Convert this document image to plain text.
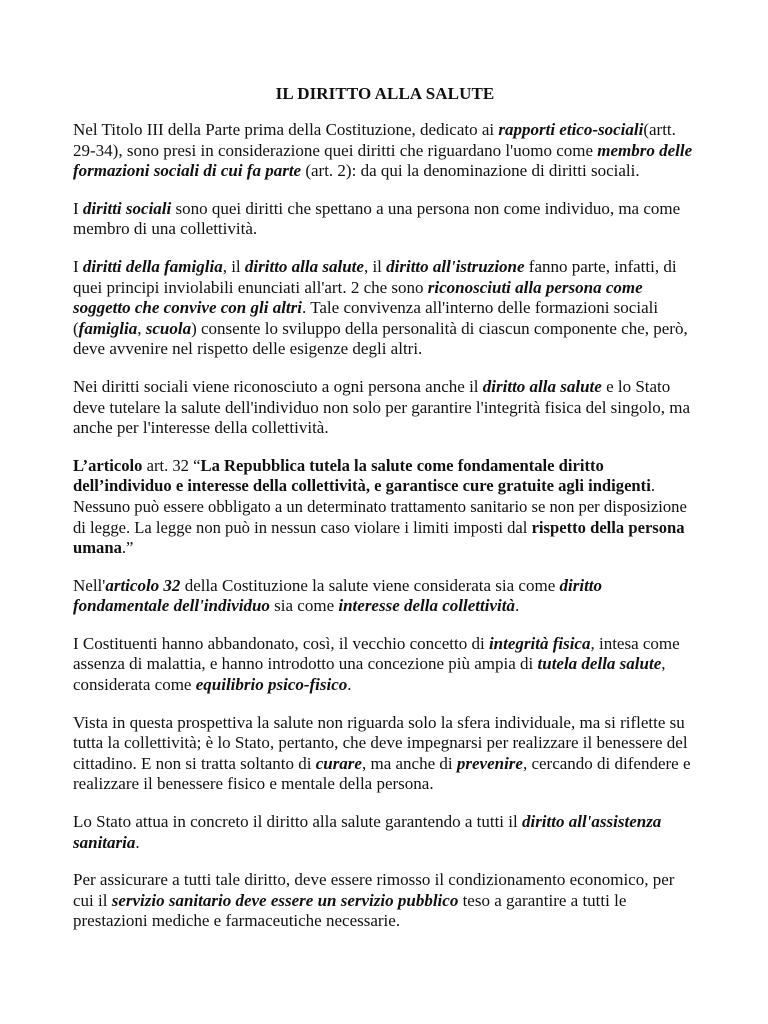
IL DIRITTO ALLA SALUTE

Nel Titolo III della Parte prima della Costituzione, dedicato ai rapporti etico-sociali(artt. 29-34), sono presi in considerazione quei diritti che riguardano l'uomo come membro delle formazioni sociali di cui fa parte (art. 2): da qui la denominazione di diritti sociali.

I diritti sociali sono quei diritti che spettano a una persona non come individuo, ma come membro di una collettività.

I diritti della famiglia, il diritto alla salute, il diritto all'istruzione fanno parte, infatti, di quei principi inviolabili enunciati all'art. 2 che sono riconosciuti alla persona come soggetto che convive con gli altri. Tale convivenza all'interno delle formazioni sociali (famiglia, scuola) consente lo sviluppo della personalità di ciascun componente che, però, deve avvenire nel rispetto delle esigenze degli altri.

Nei diritti sociali viene riconosciuto a ogni persona anche il diritto alla salute e lo Stato deve tutelare la salute dell'individuo non solo per garantire l'integrità fisica del singolo, ma anche per l'interesse della collettività.

L’articolo art. 32 “La Repubblica tutela la salute come fondamentale diritto dell’individuo e interesse della collettività, e garantisce cure gratuite agli indigenti. Nessuno può essere obbligato a un determinato trattamento sanitario se non per disposizione di legge. La legge non può in nessun caso violare i limiti imposti dal rispetto della persona umana.”

Nell'articolo 32 della Costituzione la salute viene considerata sia come diritto fondamentale dell'individuo sia come interesse della collettività.

I Costituenti hanno abbandonato, così, il vecchio concetto di integrità fisica, intesa come assenza di malattia, e hanno introdotto una concezione più ampia di tutela della salute, considerata come equilibrio psico-fisico.

Vista in questa prospettiva la salute non riguarda solo la sfera individuale, ma si riflette su tutta la collettività; è lo Stato, pertanto, che deve impegnarsi per realizzare il benessere del cittadino. E non si tratta soltanto di curare, ma anche di prevenire, cercando di difendere e realizzare il benessere fisico e mentale della persona.

Lo Stato attua in concreto il diritto alla salute garantendo a tutti il diritto all'assistenza sanitaria.

Per assicurare a tutti tale diritto, deve essere rimosso il condizionamento economico, per cui il servizio sanitario deve essere un servizio pubblico teso a garantire a tutti le prestazioni mediche e farmaceutiche necessarie.
